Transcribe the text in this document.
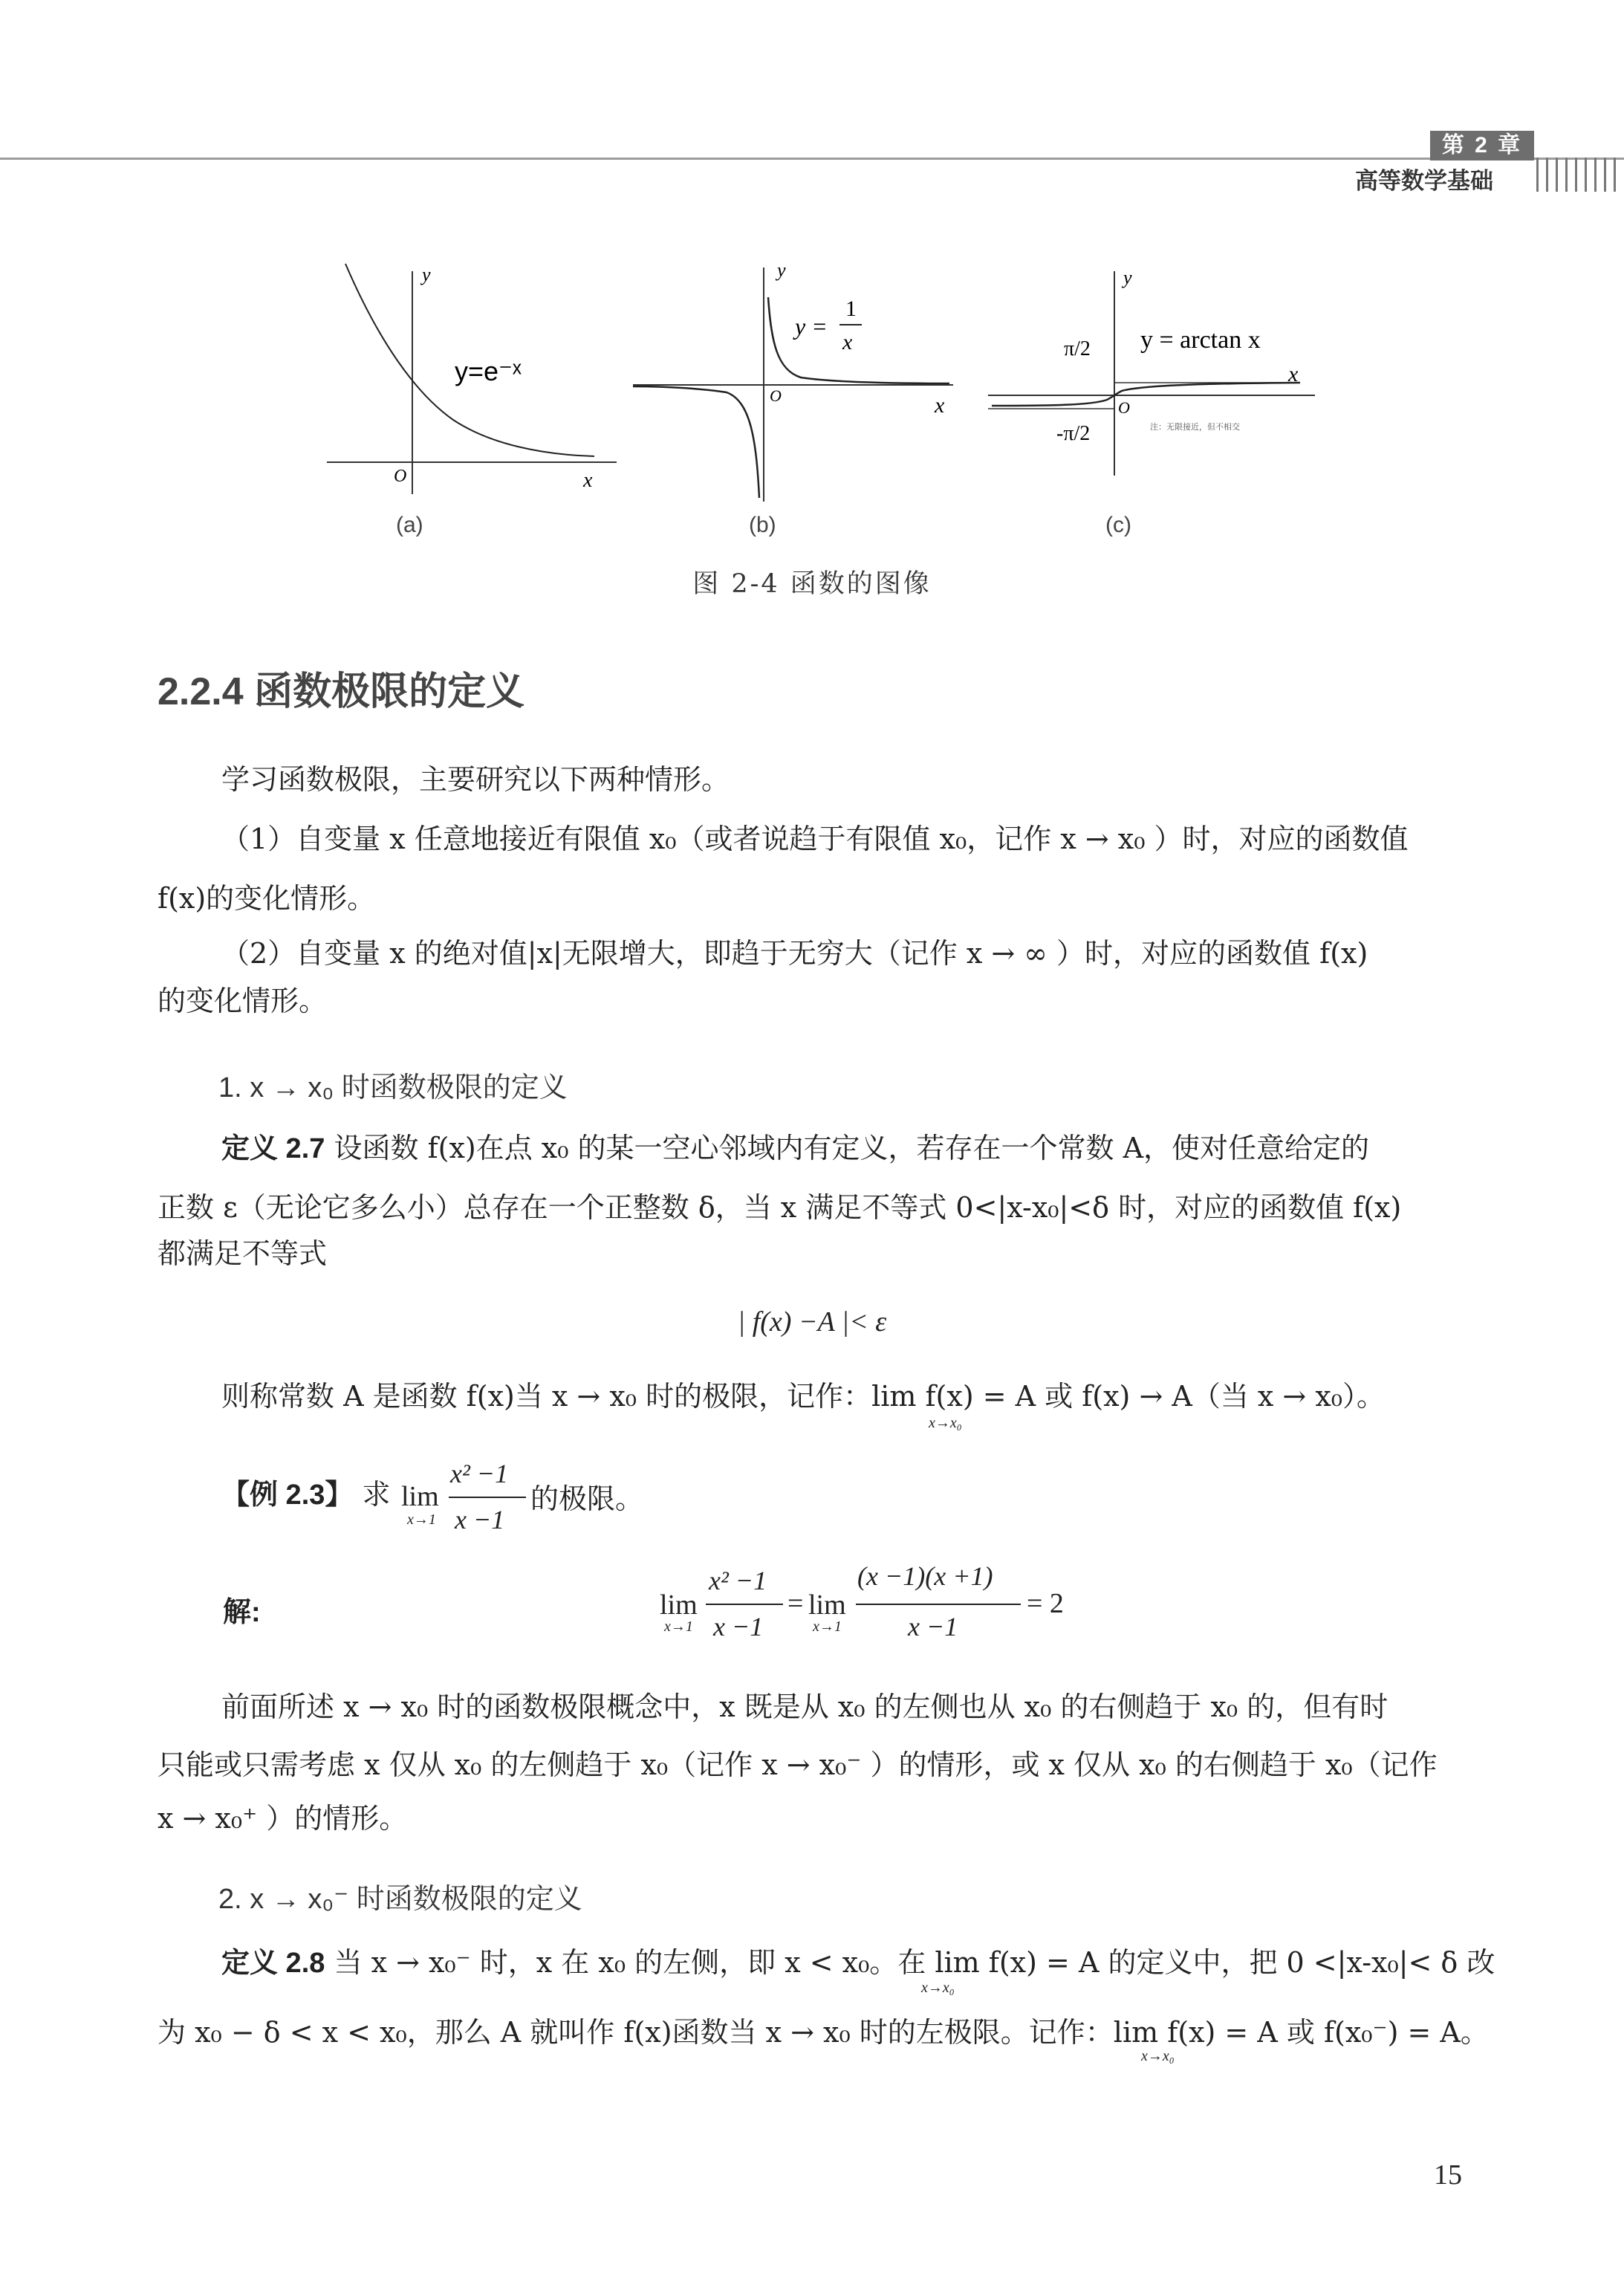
第 2 章
高等数学基础
y
x
O
y=e⁻ˣ
(a)
y
x
O
y =
1
x
(b)
y
x
O
y = arctan x
π/2
-π/2	注：无限接近，但不相交
(c)
图 2-4 函数的图像
2.2.4 函数极限的定义
学习函数极限，主要研究以下两种情形。
（1）自变量 x 任意地接近有限值 x₀（或者说趋于有限值 x₀，记作 x → x₀ ）时，对应的函数值
f(x)的变化情形。
（2）自变量 x 的绝对值|x|无限增大，即趋于无穷大（记作 x → ∞ ）时，对应的函数值 f(x)
的变化情形。
1. x → x₀ 时函数极限的定义
定义 2.7 设函数 f(x)在点 x₀ 的某一空心邻域内有定义，若存在一个常数 A，使对任意给定的
正数 ε（无论它多么小）总存在一个正整数 δ，当 x 满足不等式 0<|x-x₀|<δ 时，对应的函数值 f(x)
都满足不等式
| f(x) −A |< ε
则称常数 A 是函数 f(x)当 x → x₀ 时的极限，记作：lim f(x) = A 或 f(x) → A（当 x → x₀）。
x→x₀
【例 2.3】 求 lim
x→1
x² −1
x −1
的极限。
解:	lim
x→1
x² −1
x −1
= lim
x→1
(x −1)(x +1)
x −1
= 2
前面所述 x → x₀ 时的函数极限概念中，x 既是从 x₀ 的左侧也从 x₀ 的右侧趋于 x₀ 的，但有时
只能或只需考虑 x 仅从 x₀ 的左侧趋于 x₀（记作 x → x₀⁻ ）的情形，或 x 仅从 x₀ 的右侧趋于 x₀（记作
x → x₀⁺ ）的情形。
2. x → x₀⁻ 时函数极限的定义
定义 2.8 当 x → x₀⁻ 时，x 在 x₀ 的左侧，即 x < x₀。在 lim f(x) = A 的定义中，把 0 <|x-x₀|< δ 改
x→x₀
为 x₀ − δ < x < x₀，那么 A 就叫作 f(x)函数当 x → x₀ 时的左极限。记作：lim f(x) = A 或 f(x₀⁻) = A。
x→x₀
15
